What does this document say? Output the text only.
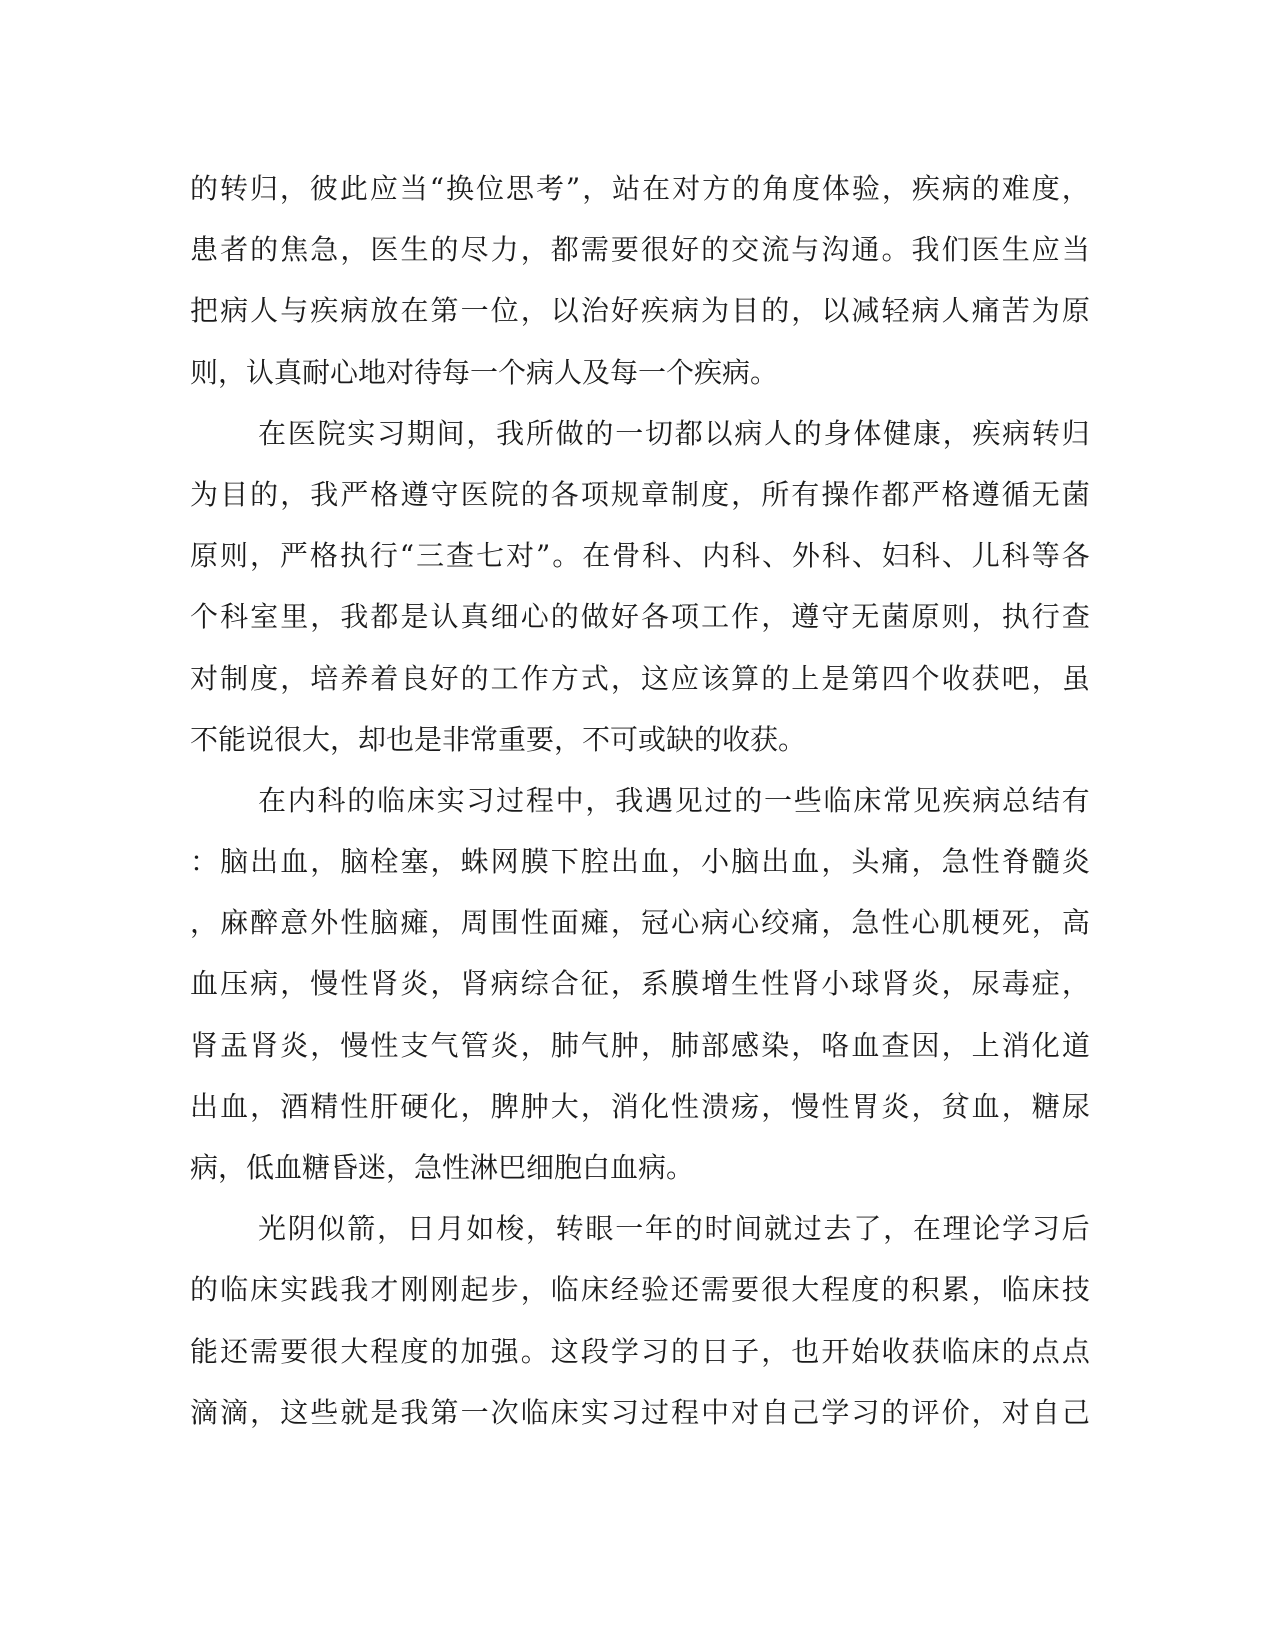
的 转 归 ， 彼 此 应 当 “ 换 位 思 考 ” ， 站 在 对 方 的 角 度 体 验 ， 疾 病 的 难 度 ，
患 者 的 焦 急 ， 医 生 的 尽 力 ， 都 需 要 很 好 的 交 流 与 沟 通 。 我 们 医 生 应 当
把 病 人 与 疾 病 放 在 第 一 位 ， 以 治 好 疾 病 为 目 的 ， 以 减 轻 病 人 痛 苦 为 原
则，认真耐心地对待每一个病人及每一个疾病。
在 医 院 实 习 期 间 ， 我 所 做 的 一 切 都 以 病 人 的 身 体 健 康 ， 疾 病 转 归
为 目 的 ， 我 严 格 遵 守 医 院 的 各 项 规 章 制 度 ， 所 有 操 作 都 严 格 遵 循 无 菌
原 则 ， 严 格 执 行 “ 三 查 七 对 ” 。 在 骨 科 、 内 科 、 外 科 、 妇 科 、 儿 科 等 各
个 科 室 里 ， 我 都 是 认 真 细 心 的 做 好 各 项 工 作 ， 遵 守 无 菌 原 则 ， 执 行 查
对 制 度 ， 培 养 着 良 好 的 工 作 方 式 ， 这 应 该 算 的 上 是 第 四 个 收 获 吧 ， 虽
不能说很大，却也是非常重要，不可或缺的收获。
在 内 科 的 临 床 实 习 过 程 中 ， 我 遇 见 过 的 一 些 临 床 常 见 疾 病 总 结 有
： 脑 出 血 ， 脑 栓 塞 ， 蛛 网 膜 下 腔 出 血 ， 小 脑 出 血 ， 头 痛 ， 急 性 脊 髓 炎
， 麻 醉 意 外 性 脑 瘫 ， 周 围 性 面 瘫 ， 冠 心 病 心 绞 痛 ， 急 性 心 肌 梗 死 ， 高
血 压 病 ， 慢 性 肾 炎 ， 肾 病 综 合 征 ， 系 膜 增 生 性 肾 小 球 肾 炎 ， 尿 毒 症 ，
肾 盂 肾 炎 ， 慢 性 支 气 管 炎 ， 肺 气 肿 ， 肺 部 感 染 ， 咯 血 查 因 ， 上 消 化 道
出 血 ， 酒 精 性 肝 硬 化 ， 脾 肿 大 ， 消 化 性 溃 疡 ， 慢 性 胃 炎 ， 贫 血 ， 糖 尿
病，低血糖昏迷，急性淋巴细胞白血病。
光 阴 似 箭 ， 日 月 如 梭 ， 转 眼 一 年 的 时 间 就 过 去 了 ， 在 理 论 学 习 后
的 临 床 实 践 我 才 刚 刚 起 步 ， 临 床 经 验 还 需 要 很 大 程 度 的 积 累 ， 临 床 技
能 还 需 要 很 大 程 度 的 加 强 。 这 段 学 习 的 日 子 ， 也 开 始 收 获 临 床 的 点 点
滴 滴 ， 这 些 就 是 我 第 一 次 临 床 实 习 过 程 中 对 自 己 学 习 的 评 价 ， 对 自 己
